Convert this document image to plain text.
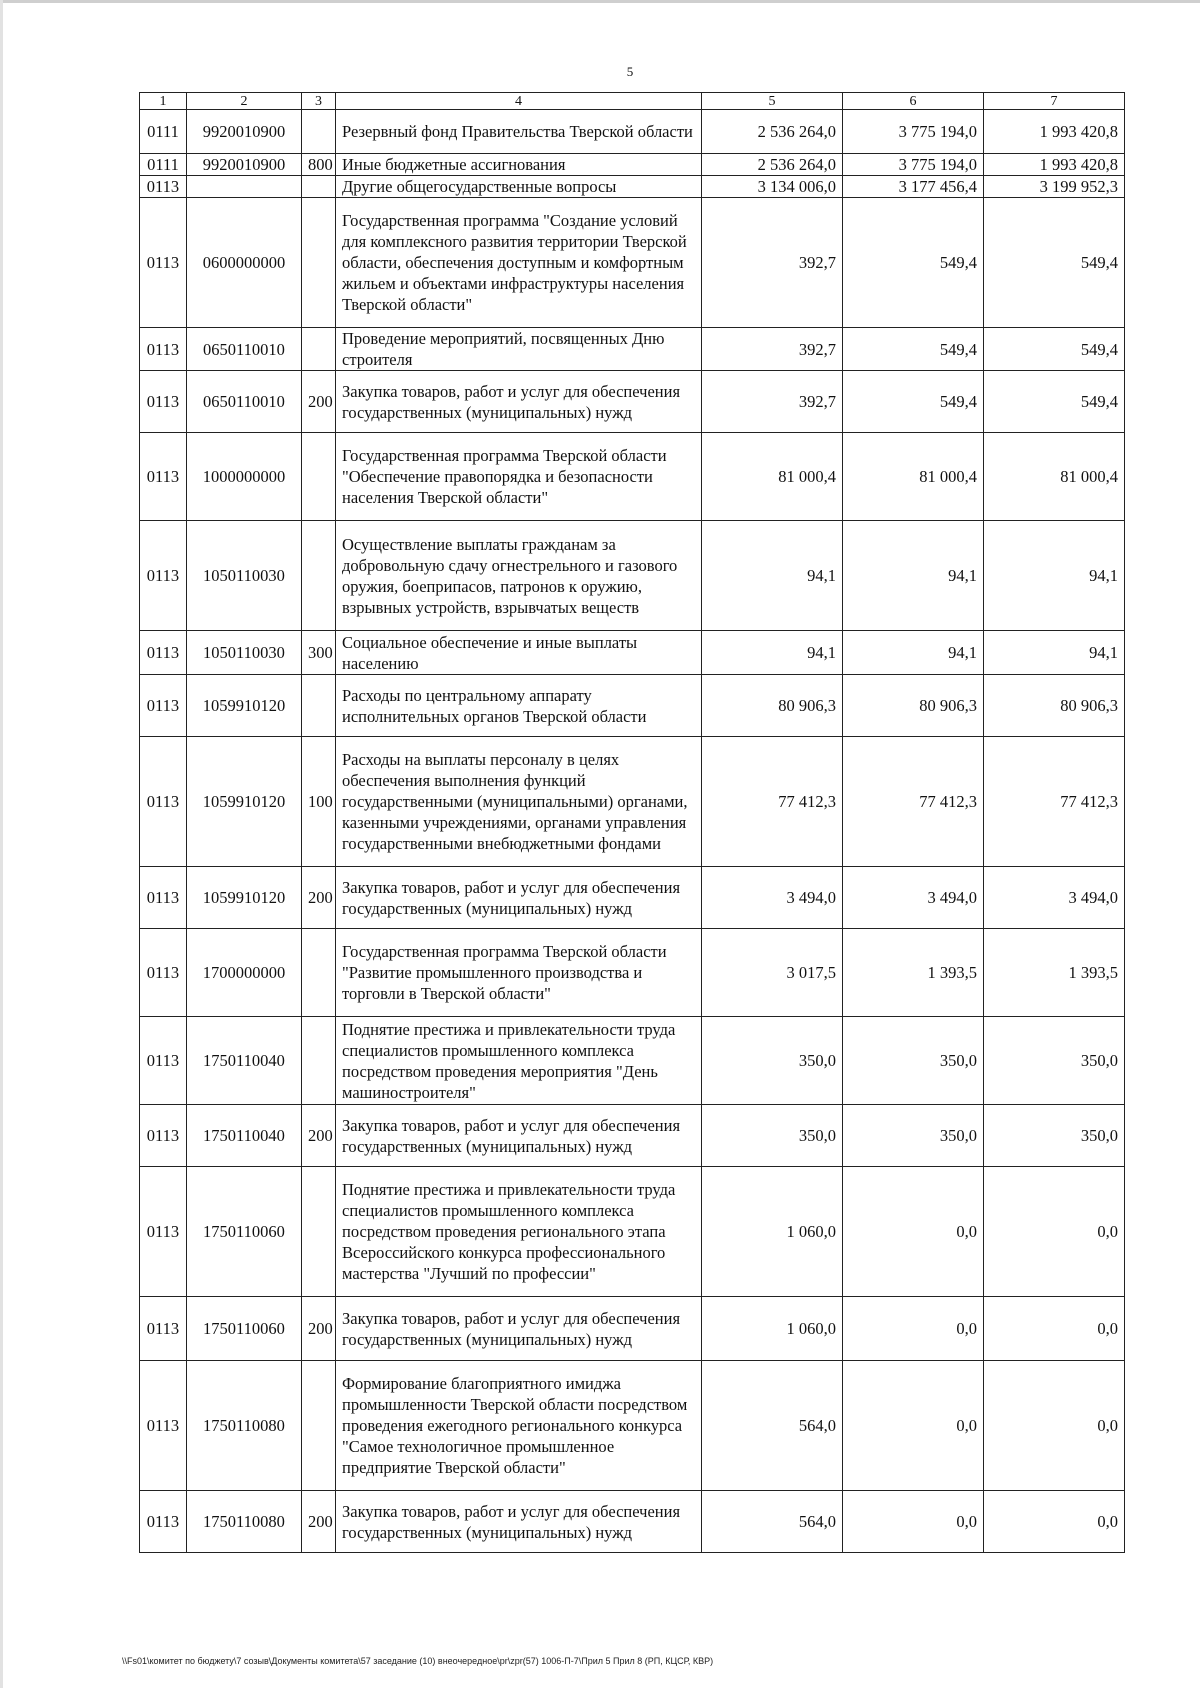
5
1	2	3	4	5	6	7
0111	9920010900		Резервный фонд Правительства Тверской области	2 536 264,0	3 775 194,0	1 993 420,8
0111	9920010900	800	Иные бюджетные ассигнования	2 536 264,0	3 775 194,0	1 993 420,8
0113			Другие общегосударственные вопросы	3 134 006,0	3 177 456,4	3 199 952,3
0113	0600000000		Государственная программа "Создание условий для комплексного развития территории Тверской области, обеспечения доступным и комфортным жильем и объектами инфраструктуры населения Тверской области"	392,7	549,4	549,4
0113	0650110010		Проведение мероприятий, посвященных Дню строителя	392,7	549,4	549,4
0113	0650110010	200	Закупка товаров, работ и услуг для обеспечения государственных (муниципальных) нужд	392,7	549,4	549,4
0113	1000000000		Государственная программа Тверской области "Обеспечение правопорядка и безопасности населения Тверской области"	81 000,4	81 000,4	81 000,4
0113	1050110030		Осуществление выплаты гражданам за добровольную сдачу огнестрельного и газового оружия, боеприпасов, патронов к оружию, взрывных устройств, взрывчатых веществ	94,1	94,1	94,1
0113	1050110030	300	Социальное обеспечение и иные выплаты населению	94,1	94,1	94,1
0113	1059910120		Расходы по центральному аппарату исполнительных органов Тверской области	80 906,3	80 906,3	80 906,3
0113	1059910120	100	Расходы на выплаты персоналу в целях обеспечения выполнения функций государственными (муниципальными) органами, казенными учреждениями, органами управления государственными внебюджетными фондами	77 412,3	77 412,3	77 412,3
0113	1059910120	200	Закупка товаров, работ и услуг для обеспечения государственных (муниципальных) нужд	3 494,0	3 494,0	3 494,0
0113	1700000000		Государственная программа Тверской области "Развитие промышленного производства и торговли в Тверской области"	3 017,5	1 393,5	1 393,5
0113	1750110040		Поднятие престижа и привлекательности труда специалистов промышленного комплекса посредством проведения мероприятия "День машиностроителя"	350,0	350,0	350,0
0113	1750110040	200	Закупка товаров, работ и услуг для обеспечения государственных (муниципальных) нужд	350,0	350,0	350,0
0113	1750110060		Поднятие престижа и привлекательности труда специалистов промышленного комплекса посредством проведения регионального этапа Всероссийского конкурса профессионального мастерства "Лучший по профессии"	1 060,0	0,0	0,0
0113	1750110060	200	Закупка товаров, работ и услуг для обеспечения государственных (муниципальных) нужд	1 060,0	0,0	0,0
0113	1750110080		Формирование благоприятного имиджа промышленности Тверской области посредством проведения ежегодного регионального конкурса "Самое технологичное промышленное предприятие Тверской области"	564,0	0,0	0,0
0113	1750110080	200	Закупка товаров, работ и услуг для обеспечения государственных (муниципальных) нужд	564,0	0,0	0,0
\\Fs01\комитет по бюджету\7 созыв\Документы комитета\57 заседание (10) внеочередное\pr\zpr(57) 1006-П-7\Прил 5 Прил 8 (РП, КЦСР, КВР)
